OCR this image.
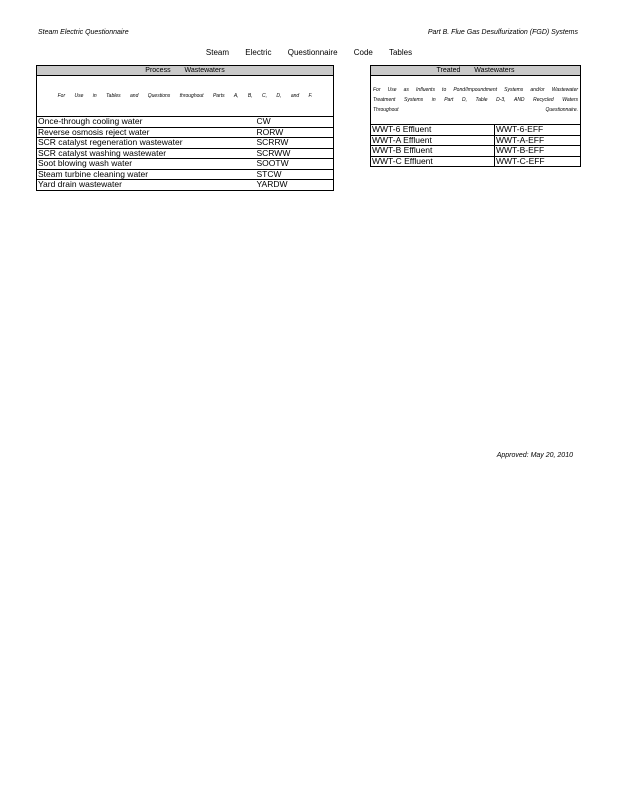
Steam Electric Questionnaire	Part B. Flue Gas Desulfurization (FGD) Systems
Steam Electric Questionnaire Code Tables
Process Wastewaters	
For Use in Tables and Questions throughout Parts A, B, C, D, and F.	
Once-through cooling water	CW
Reverse osmosis reject water	RORW
SCR catalyst regeneration wastewater	SCRRW
SCR catalyst washing wastewater	SCRWW
Soot blowing wash water	SOOTW
Steam turbine cleaning water	STCW
Yard drain wastewater	YARDW
Treated Wastewaters	
For Use as Influents to Pond/Impoundment Systems and/or Wastewater Treatment Systems in Part D, Table D-3, AND Recycled Waters Throughout Questionnaire.	
WWT-6 Effluent	WWT-6-EFF
WWT-A Effluent	WWT-A-EFF
WWT-B Effluent	WWT-B-EFF
WWT-C Effluent	WWT-C-EFF
Approved: May 20, 2010
